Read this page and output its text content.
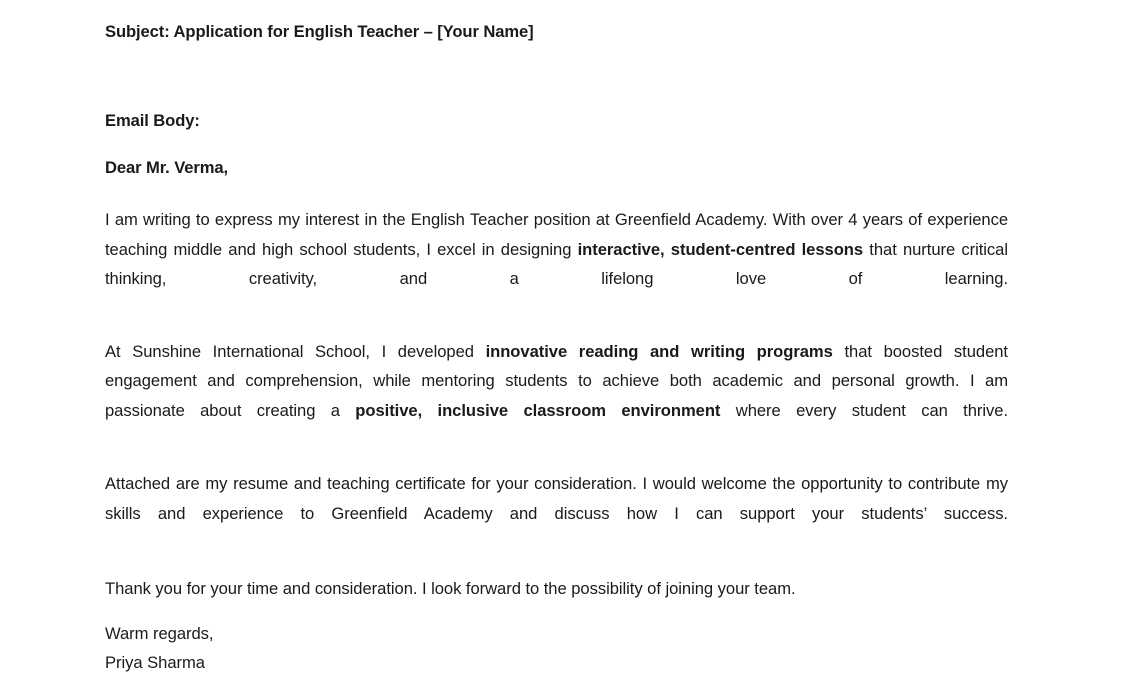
Subject: Application for English Teacher – [Your Name]

Email Body:

Dear Mr. Verma,

I am writing to express my interest in the English Teacher position at Greenfield Academy. With over 4 years of experience teaching middle and high school students, I excel in designing interactive, student-centred lessons that nurture critical thinking, creativity, and a lifelong love of learning.

At Sunshine International School, I developed innovative reading and writing programs that boosted student engagement and comprehension, while mentoring students to achieve both academic and personal growth. I am passionate about creating a positive, inclusive classroom environment where every student can thrive.

Attached are my resume and teaching certificate for your consideration. I would welcome the opportunity to contribute my skills and experience to Greenfield Academy and discuss how I can support your students’ success.

Thank you for your time and consideration. I look forward to the possibility of joining your team.

Warm regards,
Priya Sharma
